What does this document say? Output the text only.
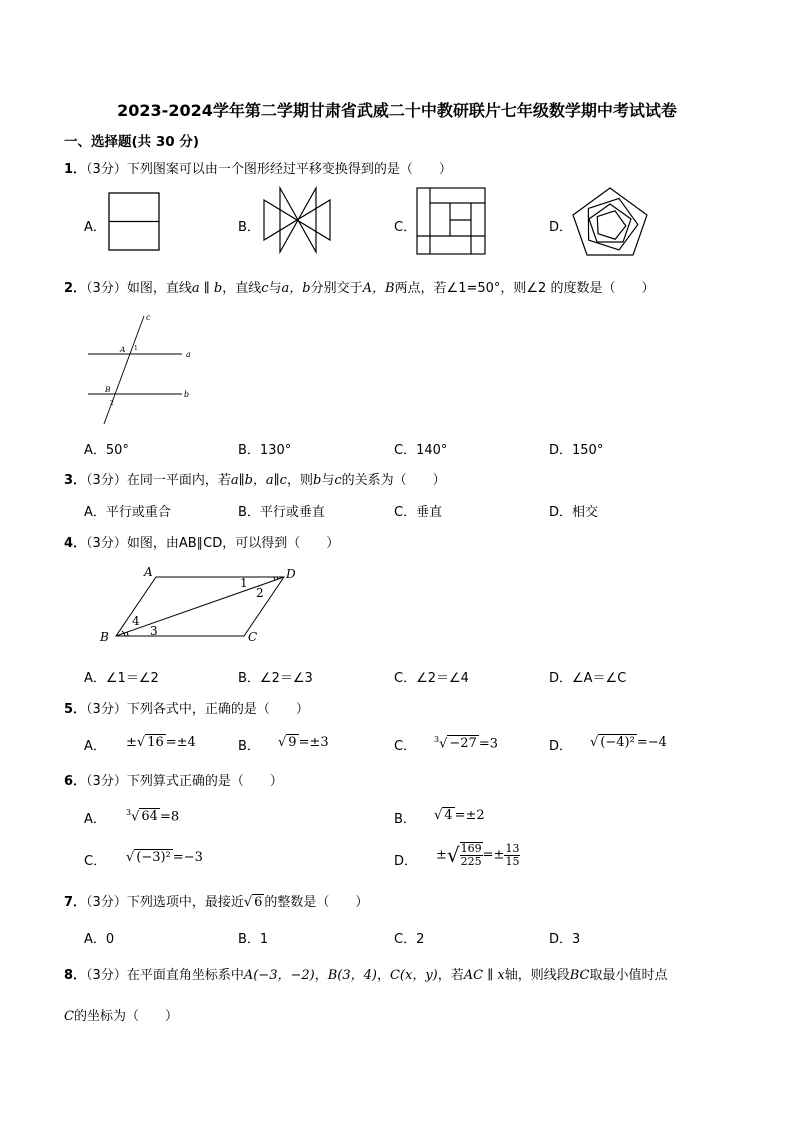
2023-2024学年第二学期甘肃省武威二十中教研联片七年级数学期中考试试卷
一、选择题(共 30 分)
1．（3分）下列图案可以由一个图形经过平移变换得到的是（　　）
A．	B．	C．	D．
2．（3分）如图，直线a ∥ b，直线c与a，b分别交于A，B两点，若∠1=50°，则∠2 的度数是（　　）
c
a
b
A
B
1
2
A．50°	B．130°	C．140°	D．150°
3．（3分）在同一平面内，若a∥b，a∥c，则b与c的关系为（　　）
A．平行或重合	B．平行或垂直	C．垂直	D．相交
4．（3分）如图，由AB∥CD，可以得到（　　）
A	D
B	C
1
2
3
4
A．∠1＝∠2	B．∠2＝∠3	C．∠2＝∠4	D．∠A＝∠C
5．（3分）下列各式中，正确的是（　　）
A． ±√ 16 =±4	B． √ 9 =±3	C． $^3$√ −27 =3	D． √ (−4)² =−4
6．（3分）下列算式正确的是（　　）
A．	$^3$√ 64 =8	B． √ 4 =±2
C． √ (−3)² =−3	D． ±√ $\frac{169}{225}=\pm \frac{13}{15}$
7．（3分）下列选项中，最接近√ 6 的整数是（　　）
A．0	B．1	C．2	D．3
8．（3分）在平面直角坐标系中A(−3，−2)，B(3，4)，C(x，y)，若AC ∥ x轴，则线段BC取最小值时点
C的坐标为（　　）
